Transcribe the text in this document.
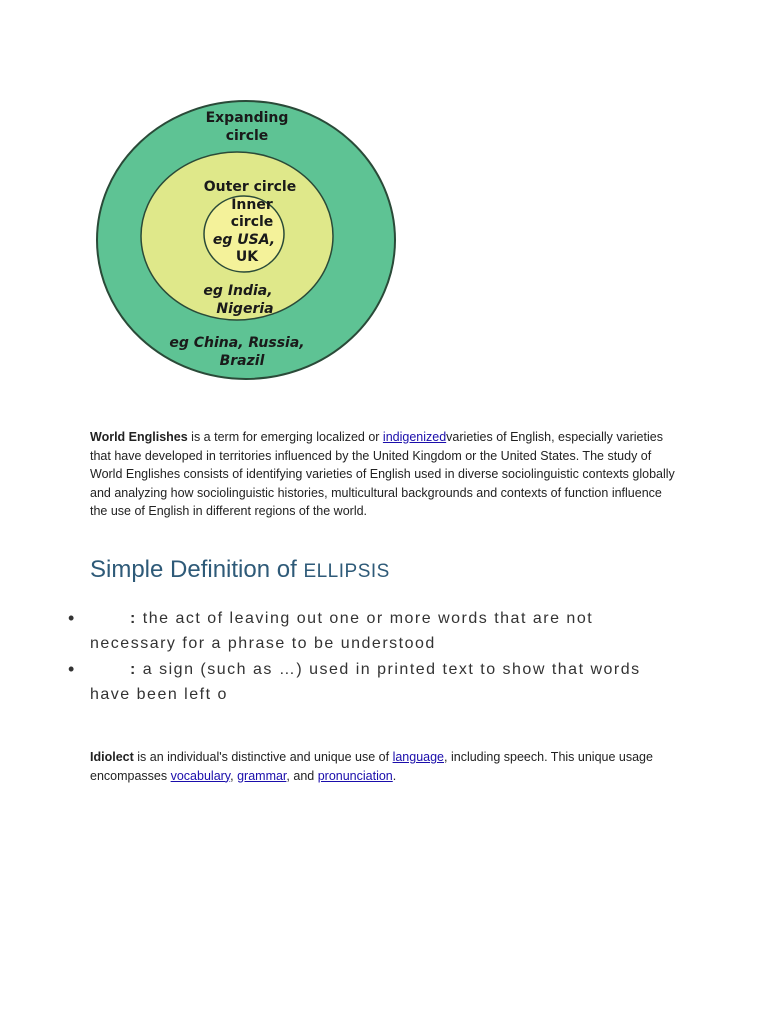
Expanding
circle
Outer circle
Inner
circle
eg USA,
UK
eg India,
Nigeria
eg China, Russia,
Brazil

World Englishes is a term for emerging localized or indigenizedvarieties of English, especially varieties that have developed in territories influenced by the United Kingdom or the United States. The study of World Englishes consists of identifying varieties of English used in diverse sociolinguistic contexts globally and analyzing how sociolinguistic histories, multicultural backgrounds and contexts of function influence the use of English in different regions of the world.

Simple Definition of ELLIPSIS
•	: the act of leaving out one or more words that are not necessary for a phrase to be understood
•	: a sign (such as …) used in printed text to show that words have been left o

Idiolect is an individual's distinctive and unique use of language, including speech. This unique usage encompasses vocabulary, grammar, and pronunciation.
